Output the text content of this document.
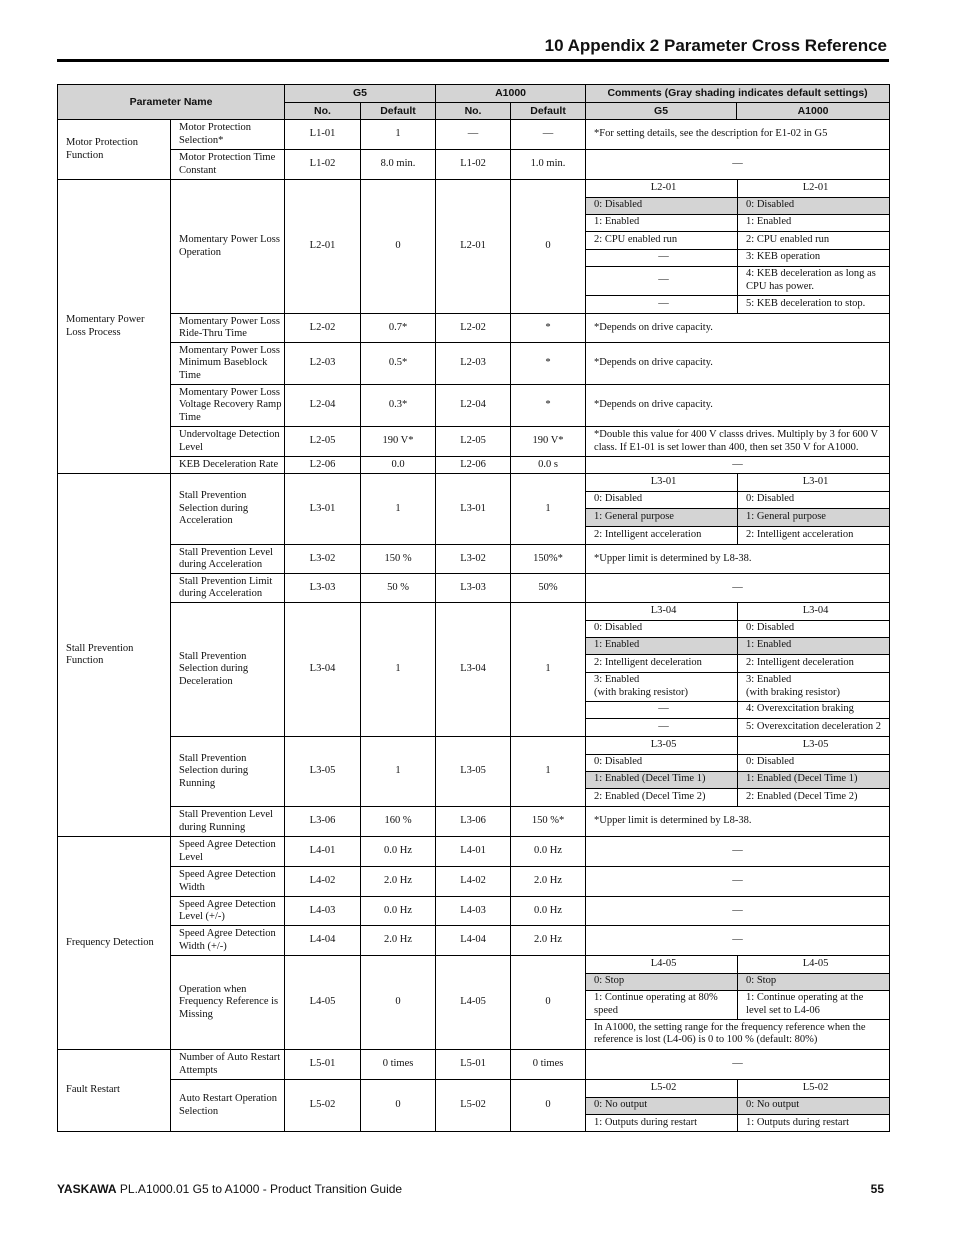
10 Appendix 2 Parameter Cross Reference
Parameter Name	G5	A1000	Comments (Gray shading indicates default settings)
No.	Default	No.	Default	G5	A1000
Motor Protection Function	Motor Protection Selection*	L1-01	1	―	―	*For setting details, see the description for E1-02 in G5
Motor Protection Time Constant	L1-02	8.0 min.	L1-02	1.0 min.	―
Momentary Power Loss Process	Momentary Power Loss Operation	L2-01	0	L2-01	0	
L2-01	L2-01
0: Disabled	0: Disabled
1: Enabled	1: Enabled
2: CPU enabled run	2: CPU enabled run
―	3: KEB operation
―	4: KEB deceleration as long as CPU has power.
―	5: KEB deceleration to stop.

Momentary Power Loss Ride-Thru Time	L2-02	0.7*	L2-02	*	*Depends on drive capacity.
Momentary Power Loss Minimum Baseblock Time	L2-03	0.5*	L2-03	*	*Depends on drive capacity.
Momentary Power Loss Voltage Recovery Ramp Time	L2-04	0.3*	L2-04	*	*Depends on drive capacity.
Undervoltage Detection Level	L2-05	190 V*	L2-05	190 V*	*Double this value for 400 V classs drives. Multiply by 3 for 600 V class. If E1-01 is set lower than 400, then set 350 V for A1000.
KEB Deceleration Rate	L2-06	0.0	L2-06	0.0 s	―
Stall Prevention Function	Stall Prevention Selection during Acceleration	L3-01	1	L3-01	1	
L3-01	L3-01
0: Disabled	0: Disabled
1: General purpose	1: General purpose
2: Intelligent acceleration	2: Intelligent acceleration

Stall Prevention Level during Acceleration	L3-02	150 %	L3-02	150%*	*Upper limit is determined by L8-38.
Stall Prevention Limit during Acceleration	L3-03	50 %	L3-03	50%	―
Stall Prevention Selection during Deceleration	L3-04	1	L3-04	1	
L3-04	L3-04
0: Disabled	0: Disabled
1: Enabled	1: Enabled
2: Intelligent deceleration	2: Intelligent deceleration
3: Enabled
(with braking resistor)	3: Enabled
(with braking resistor)
―	4: Overexcitation braking
―	5: Overexcitation deceleration 2

Stall Prevention Selection during Running	L3-05	1	L3-05	1	
L3-05	L3-05
0: Disabled	0: Disabled
1: Enabled (Decel Time 1)	1: Enabled (Decel Time 1)
2: Enabled (Decel Time 2)	2: Enabled (Decel Time 2)

Stall Prevention Level during Running	L3-06	160 %	L3-06	150 %*	*Upper limit is determined by L8-38.
Frequency Detection	Speed Agree Detection Level	L4-01	0.0 Hz	L4-01	0.0 Hz	―
Speed Agree Detection Width	L4-02	2.0 Hz	L4-02	2.0 Hz	―
Speed Agree Detection Level (+/-)	L4-03	0.0 Hz	L4-03	0.0 Hz	―
Speed Agree Detection Width (+/-)	L4-04	2.0 Hz	L4-04	2.0 Hz	―
Operation when Frequency Reference is Missing	L4-05	0	L4-05	0	
L4-05	L4-05
0: Stop	0: Stop
1: Continue operating at 80% speed	1: Continue operating at the level set to L4-06
In A1000, the setting range for the frequency reference when the reference is lost (L4-06) is 0 to 100 % (default: 80%)

Fault Restart	Number of Auto Restart Attempts	L5-01	0 times	L5-01	0 times	―
Auto Restart Operation Selection	L5-02	0	L5-02	0	
L5-02	L5-02
0: No output	0: No output
1: Outputs during restart	1: Outputs during restart
YASKAWA PL.A1000.01 G5 to A1000 - Product Transition Guide	55
